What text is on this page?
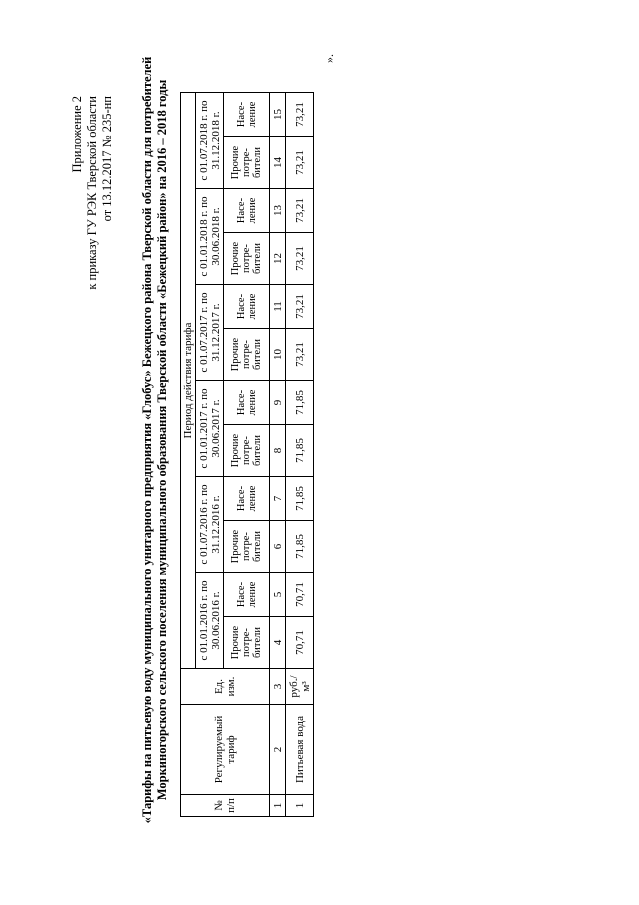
Приложение 2 к приказу ГУ РЭК Тверской области от 13.12.2017 № 235-нп «Тарифы на питьевую воду муниципального унитарного предприятия «Глобус» Бежецкого района Тверской области для потребителей Моркиногорского сельского поселения муниципального образования Тверской области «Бежецкий район» на 2016 – 2018 годы
№ п/п	Регулируемый тариф	Ед. изм.	Период действия тарифа											
			с 01.01.2016 г. по 30.06.2016 г.		с 01.07.2016 г. по 31.12.2016 г.		с 01.01.2017 г. по 30.06.2017 г.		с 01.07.2017 г. по 31.12.2017 г.		с 01.01.2018 г. по 30.06.2018 г.		с 01.07.2018 г. по 31.12.2018 г.	
			Прочие потре- бители	Насе- ление	Прочие потре- бители	Насе- ление	Прочие потре- бители	Насе- ление	Прочие потре- бители	Насе- ление	Прочие потре- бители	Насе- ление	Прочие потре- бители	Насе- ление
1	2	3	4	5	6	7	8	9	10	11	12	13	14	15
1	Питьевая вода	руб./м³	70,71	70,71	71,85	71,85	71,85	71,85	73,21	73,21	73,21	73,21	73,21	73,21
».
